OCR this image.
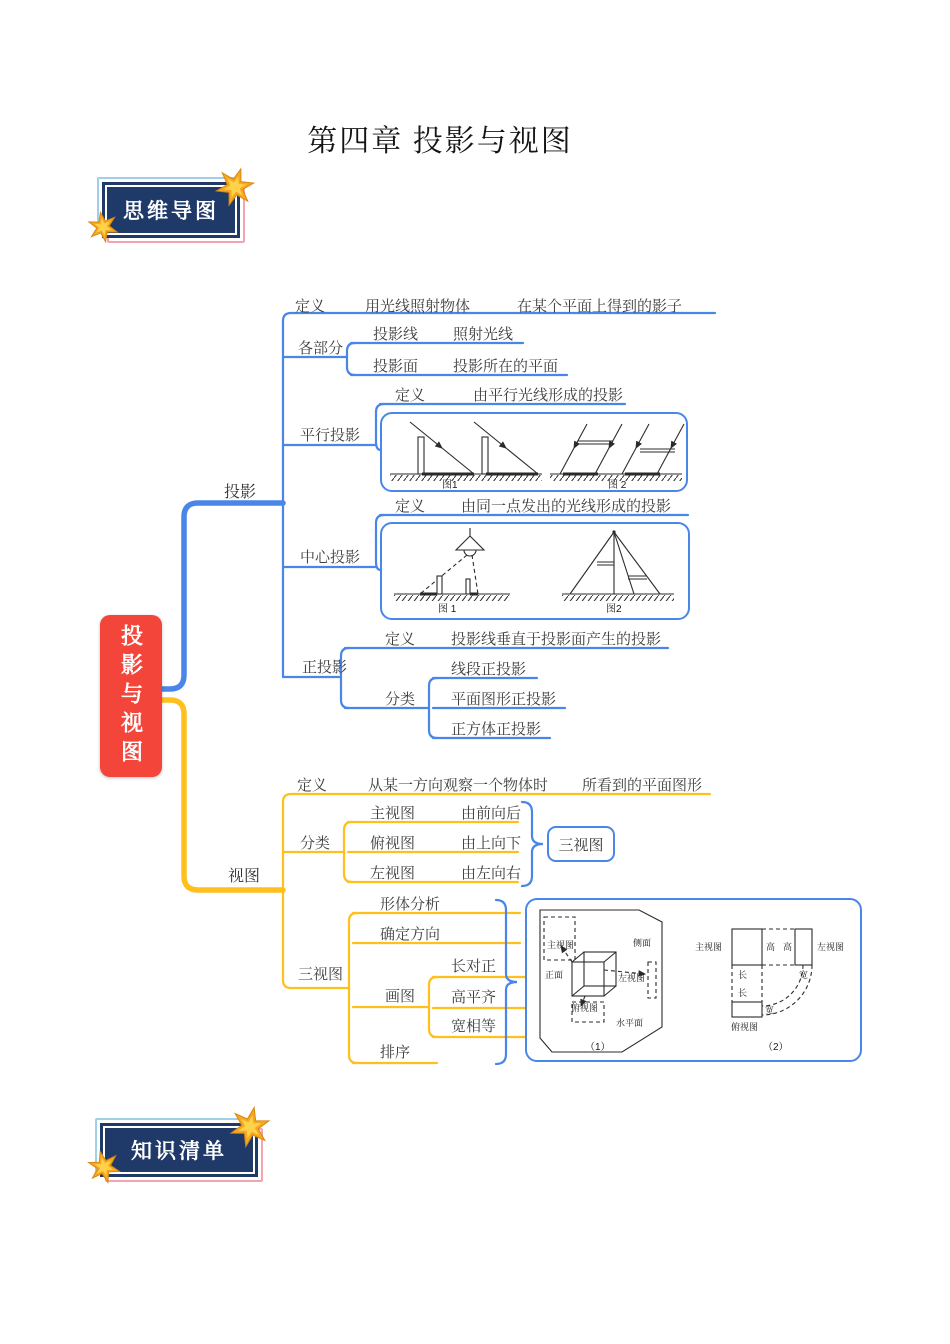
第四章 投影与视图
思维导图
投影与视图
投影
视图
定义	用光线照射物体	在某个平面上得到的影子
各部分
投影线 照射光线
投影面 投影所在的平面
平行投影
定义	由平行光线形成的投影
中心投影
定义 由同一点发出的光线形成的投影
正投影
定义 投影线垂直于投影面产生的投影
分类
线段正投影
平面图形正投影
正方体正投影
图1	图 2
图 1	图2
定义	从某一方向观察一个物体时 所看到的平面图形
分类
主视图	由前向后
俯视图	由上向下
左视图	由左向右
三视图
三视图
形体分析
确定方向
画图
长对正
高平齐
宽相等
排序
主视图	侧面
正面	左视图
俯视图
水平面
（1）
主视图	高 高	左视图
长
长
宽
宽
俯视图
（2）
知识清单
